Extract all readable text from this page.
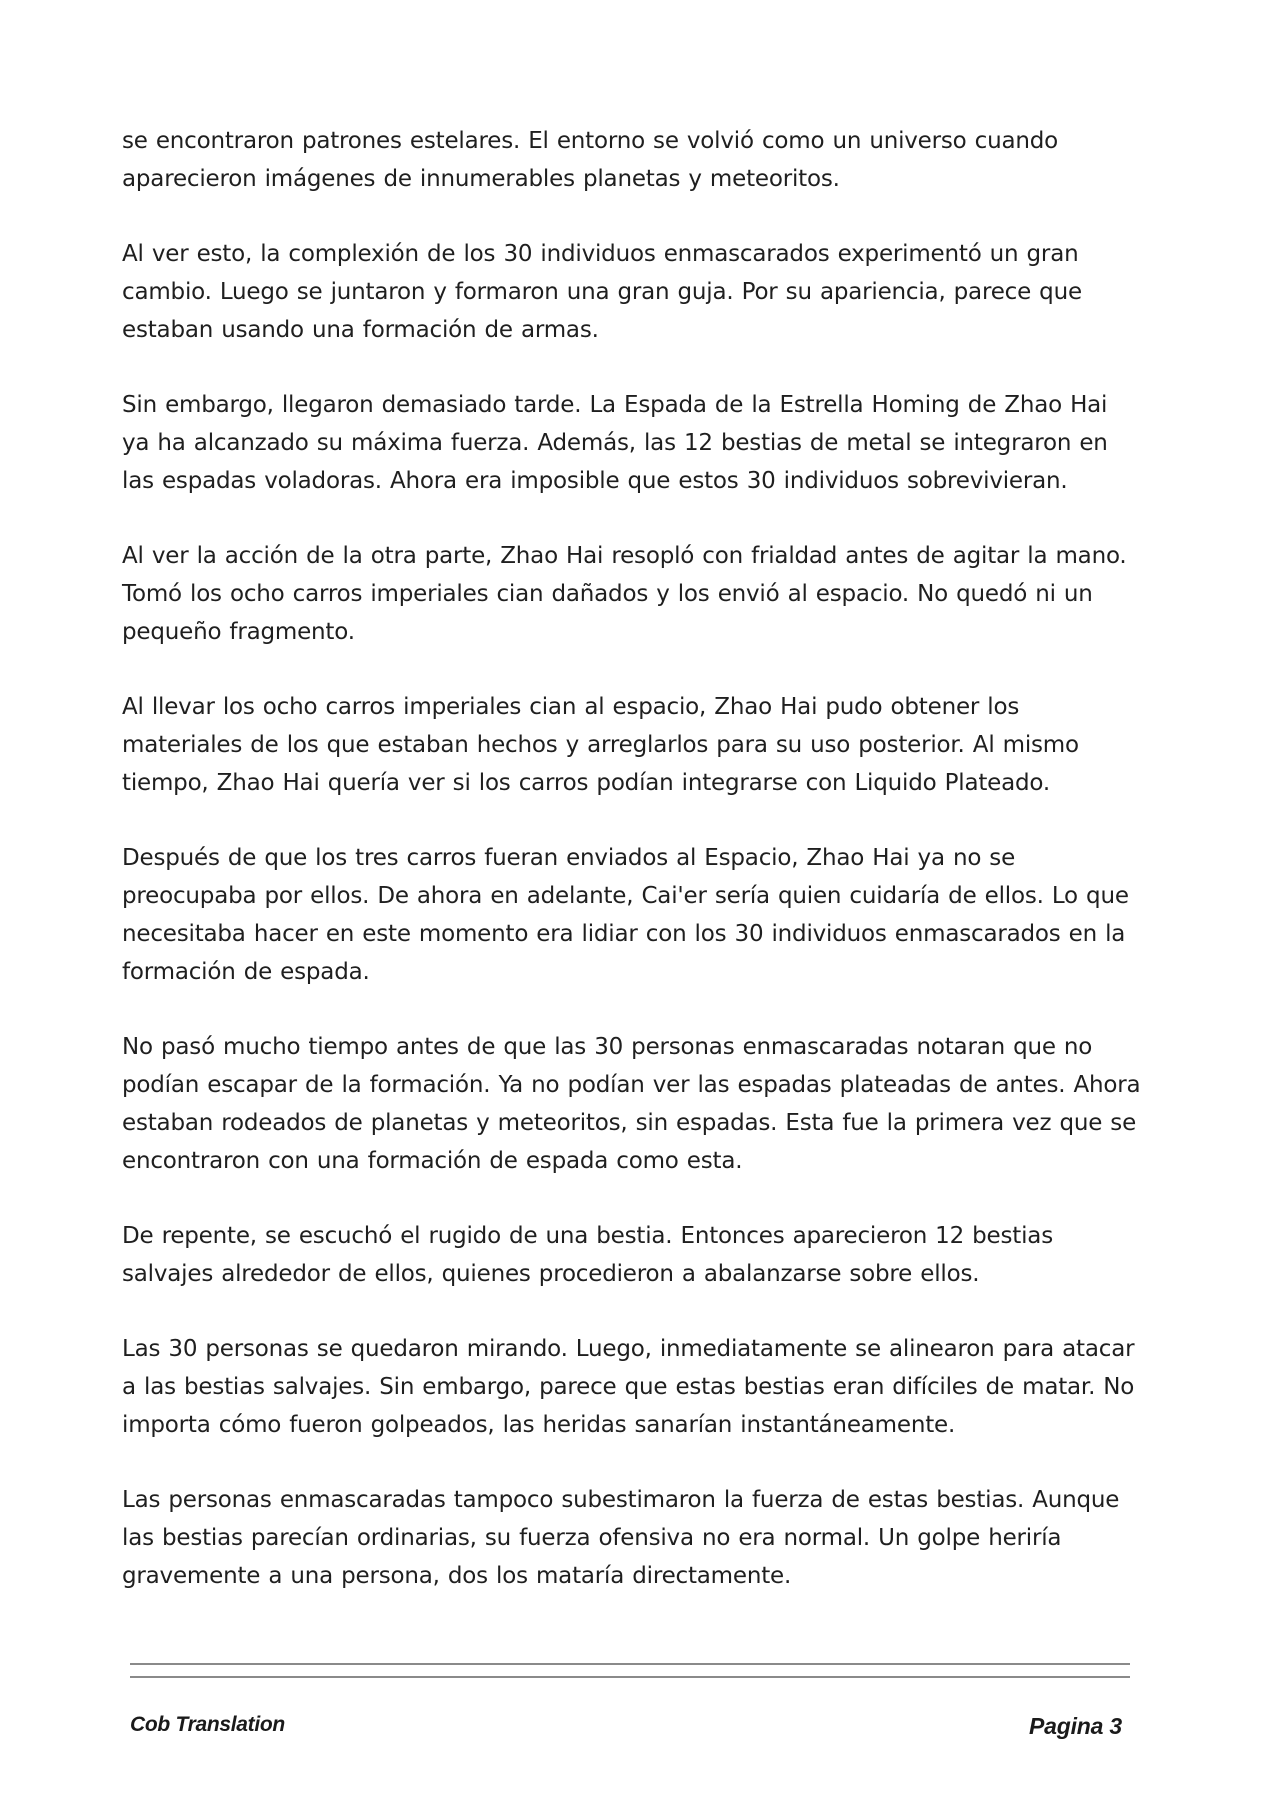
se encontraron patrones estelares. El entorno se volvió como un universo cuando aparecieron imágenes de innumerables planetas y meteoritos.

Al ver esto, la complexión de los 30 individuos enmascarados experimentó un gran cambio. Luego se juntaron y formaron una gran guja. Por su apariencia, parece que estaban usando una formación de armas.

Sin embargo, llegaron demasiado tarde. La Espada de la Estrella Homing de Zhao Hai ya ha alcanzado su máxima fuerza. Además, las 12 bestias de metal se integraron en las espadas voladoras. Ahora era imposible que estos 30 individuos sobrevivieran.

Al ver la acción de la otra parte, Zhao Hai resopló con frialdad antes de agitar la mano. Tomó los ocho carros imperiales cian dañados y los envió al espacio. No quedó ni un pequeño fragmento.

Al llevar los ocho carros imperiales cian al espacio, Zhao Hai pudo obtener los materiales de los que estaban hechos y arreglarlos para su uso posterior. Al mismo tiempo, Zhao Hai quería ver si los carros podían integrarse con Liquido Plateado.

Después de que los tres carros fueran enviados al Espacio, Zhao Hai ya no se preocupaba por ellos. De ahora en adelante, Cai'er sería quien cuidaría de ellos. Lo que necesitaba hacer en este momento era lidiar con los 30 individuos enmascarados en la formación de espada.

No pasó mucho tiempo antes de que las 30 personas enmascaradas notaran que no podían escapar de la formación. Ya no podían ver las espadas plateadas de antes. Ahora estaban rodeados de planetas y meteoritos, sin espadas. Esta fue la primera vez que se encontraron con una formación de espada como esta.

De repente, se escuchó el rugido de una bestia. Entonces aparecieron 12 bestias salvajes alrededor de ellos, quienes procedieron a abalanzarse sobre ellos.

Las 30 personas se quedaron mirando. Luego, inmediatamente se alinearon para atacar a las bestias salvajes. Sin embargo, parece que estas bestias eran difíciles de matar. No importa cómo fueron golpeados, las heridas sanarían instantáneamente.

Las personas enmascaradas tampoco subestimaron la fuerza de estas bestias. Aunque las bestias parecían ordinarias, su fuerza ofensiva no era normal. Un golpe heriría gravemente a una persona, dos los mataría directamente.

Cob Translation	Pagina 3
